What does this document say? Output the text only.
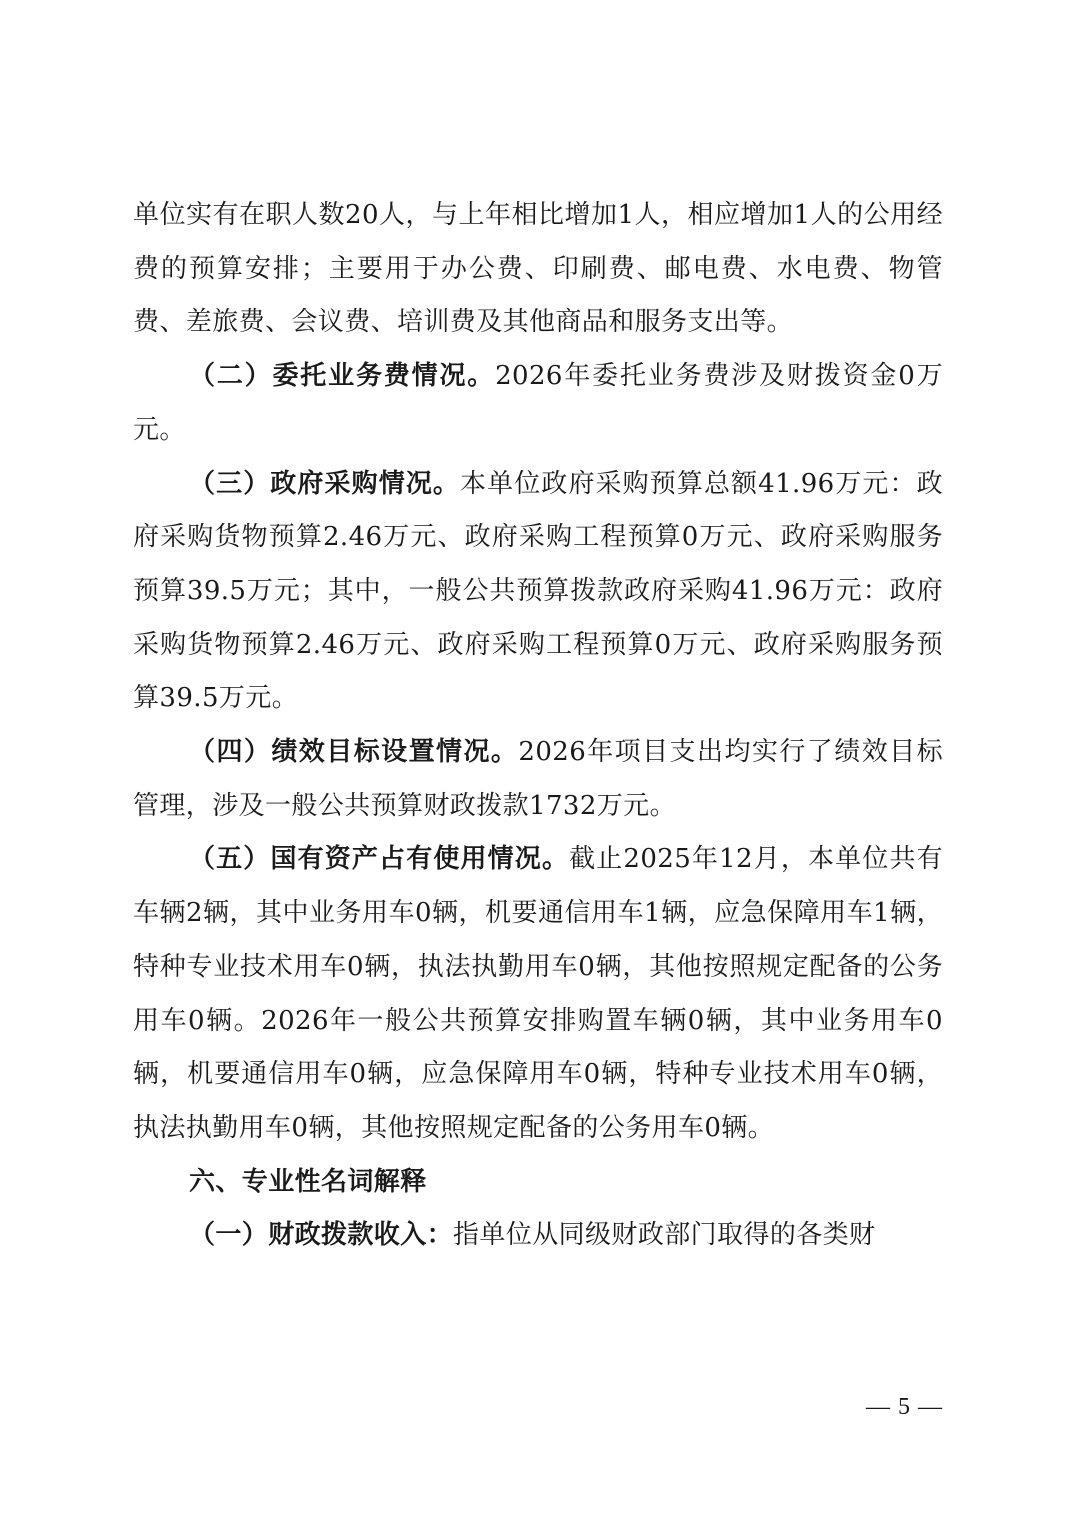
单位实有在职人数20人，与上年相比增加1人，相应增加1人的公用经费的预算安排；主要用于办公费、印刷费、邮电费、水电费、物管费、差旅费、会议费、培训费及其他商品和服务支出等。

（二）委托业务费情况。2026年委托业务费涉及财拨资金0万元。

（三）政府采购情况。本单位政府采购预算总额41.96万元：政府采购货物预算2.46万元、政府采购工程预算0万元、政府采购服务预算39.5万元；其中，一般公共预算拨款政府采购41.96万元：政府采购货物预算2.46万元、政府采购工程预算0万元、政府采购服务预算39.5万元。

（四）绩效目标设置情况。2026年项目支出均实行了绩效目标管理，涉及一般公共预算财政拨款1732万元。

（五）国有资产占有使用情况。截止2025年12月，本单位共有车辆2辆，其中业务用车0辆，机要通信用车1辆，应急保障用车1辆，特种专业技术用车0辆，执法执勤用车0辆，其他按照规定配备的公务用车0辆。2026年一般公共预算安排购置车辆0辆，其中业务用车0辆，机要通信用车0辆，应急保障用车0辆，特种专业技术用车0辆，执法执勤用车0辆，其他按照规定配备的公务用车0辆。

六、专业性名词解释

（一）财政拨款收入：指单位从同级财政部门取得的各类财

— 5 —
